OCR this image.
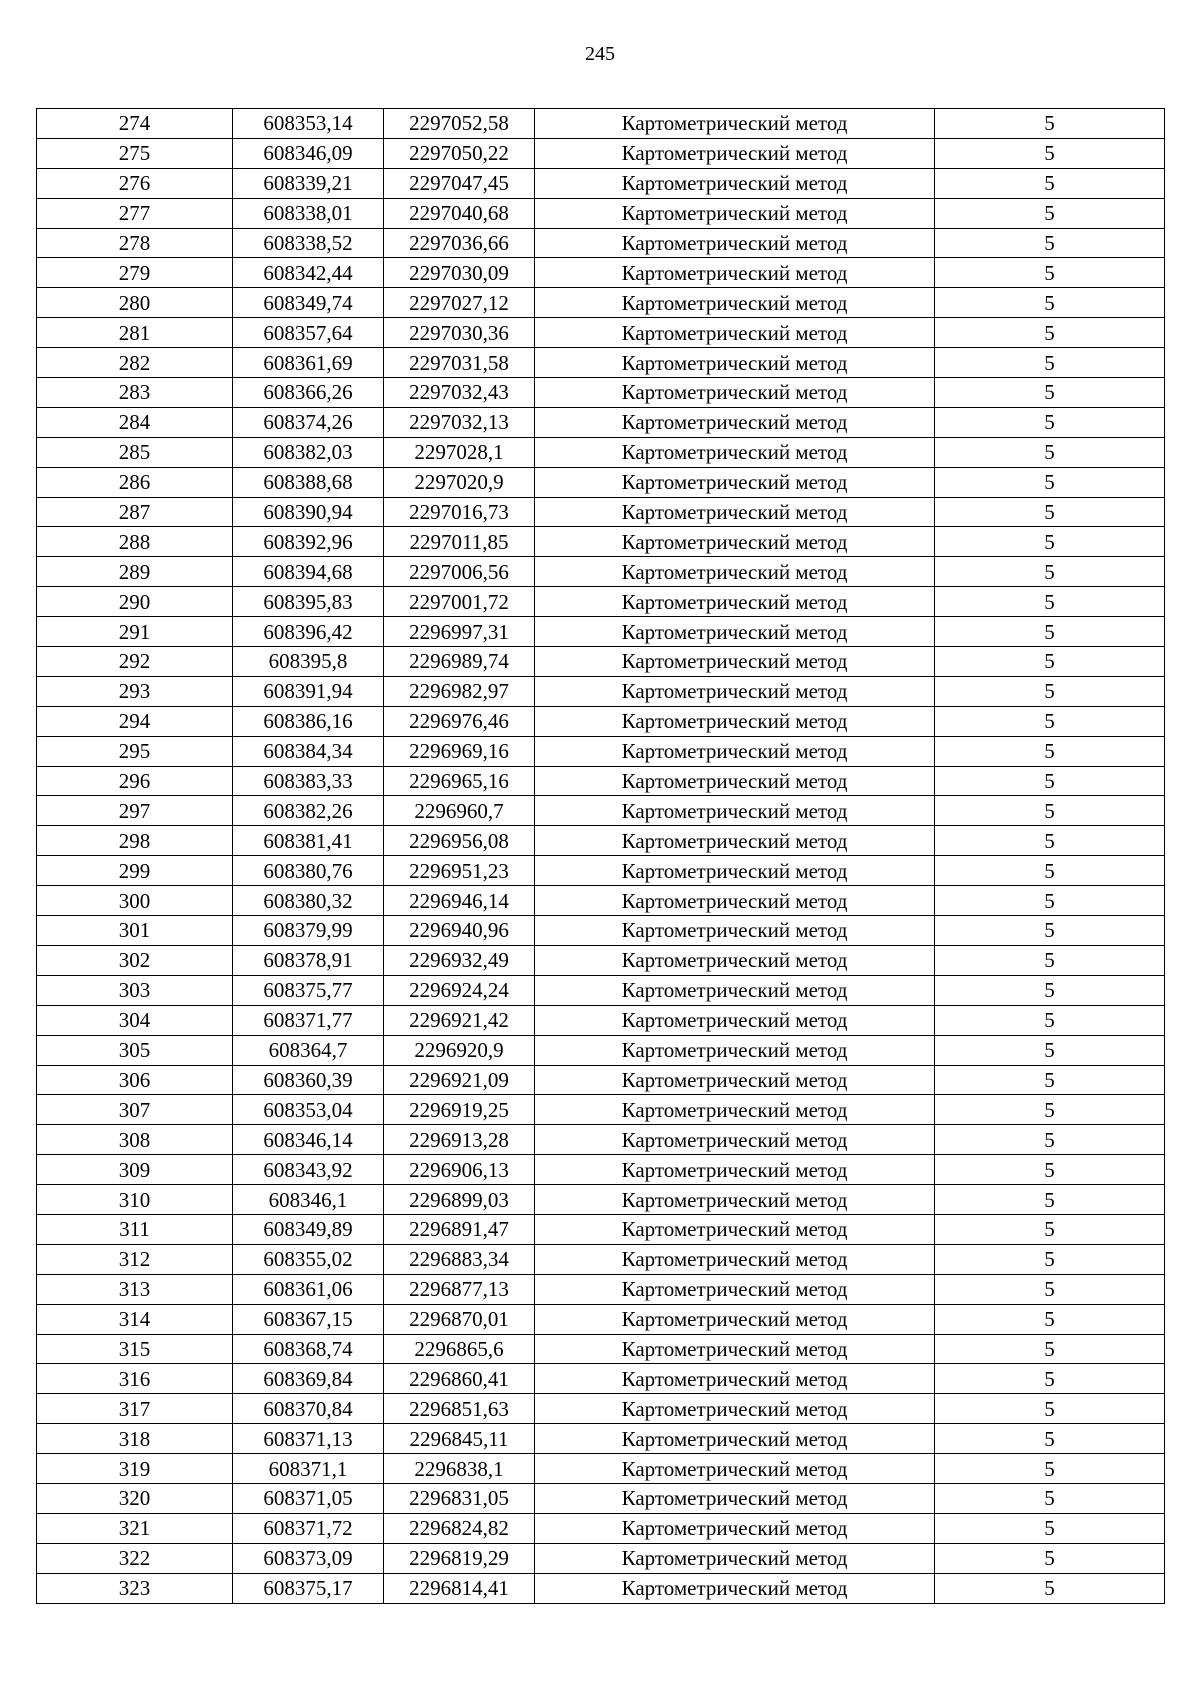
245
274	608353,14	2297052,58	Картометрический метод	5
275	608346,09	2297050,22	Картометрический метод	5
276	608339,21	2297047,45	Картометрический метод	5
277	608338,01	2297040,68	Картометрический метод	5
278	608338,52	2297036,66	Картометрический метод	5
279	608342,44	2297030,09	Картометрический метод	5
280	608349,74	2297027,12	Картометрический метод	5
281	608357,64	2297030,36	Картометрический метод	5
282	608361,69	2297031,58	Картометрический метод	5
283	608366,26	2297032,43	Картометрический метод	5
284	608374,26	2297032,13	Картометрический метод	5
285	608382,03	2297028,1	Картометрический метод	5
286	608388,68	2297020,9	Картометрический метод	5
287	608390,94	2297016,73	Картометрический метод	5
288	608392,96	2297011,85	Картометрический метод	5
289	608394,68	2297006,56	Картометрический метод	5
290	608395,83	2297001,72	Картометрический метод	5
291	608396,42	2296997,31	Картометрический метод	5
292	608395,8	2296989,74	Картометрический метод	5
293	608391,94	2296982,97	Картометрический метод	5
294	608386,16	2296976,46	Картометрический метод	5
295	608384,34	2296969,16	Картометрический метод	5
296	608383,33	2296965,16	Картометрический метод	5
297	608382,26	2296960,7	Картометрический метод	5
298	608381,41	2296956,08	Картометрический метод	5
299	608380,76	2296951,23	Картометрический метод	5
300	608380,32	2296946,14	Картометрический метод	5
301	608379,99	2296940,96	Картометрический метод	5
302	608378,91	2296932,49	Картометрический метод	5
303	608375,77	2296924,24	Картометрический метод	5
304	608371,77	2296921,42	Картометрический метод	5
305	608364,7	2296920,9	Картометрический метод	5
306	608360,39	2296921,09	Картометрический метод	5
307	608353,04	2296919,25	Картометрический метод	5
308	608346,14	2296913,28	Картометрический метод	5
309	608343,92	2296906,13	Картометрический метод	5
310	608346,1	2296899,03	Картометрический метод	5
311	608349,89	2296891,47	Картометрический метод	5
312	608355,02	2296883,34	Картометрический метод	5
313	608361,06	2296877,13	Картометрический метод	5
314	608367,15	2296870,01	Картометрический метод	5
315	608368,74	2296865,6	Картометрический метод	5
316	608369,84	2296860,41	Картометрический метод	5
317	608370,84	2296851,63	Картометрический метод	5
318	608371,13	2296845,11	Картометрический метод	5
319	608371,1	2296838,1	Картометрический метод	5
320	608371,05	2296831,05	Картометрический метод	5
321	608371,72	2296824,82	Картометрический метод	5
322	608373,09	2296819,29	Картометрический метод	5
323	608375,17	2296814,41	Картометрический метод	5
